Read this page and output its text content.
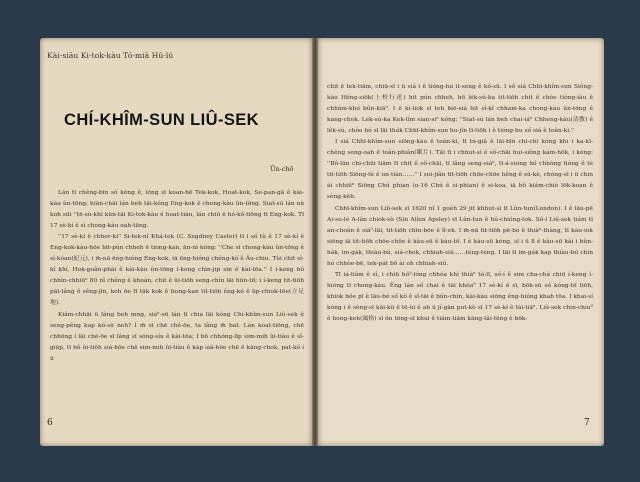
Kài-siāu Ki-tok-kàu Tó-miā Hû-lú
CHÍ-KHÎM-SUN LIÛ-SEK
Ûn-chō

Lán tī chêng-bīn sò͘ kóng ê, lóng sī koan-hē Tek-kok, Hoat-kok, Se-pan-gâ ê kài-kàu ûn-tōng; hiān-chāi lán beh tāi-kóng Eng-kok ê chong-kàu ûn-tōng. Siat-sú lán nā koh sūi ''tē-sù-khì kūn-tāi Ki-tok-kàu ê hoat-tián, lán chiū ē hó-kò͘-tiōng tī Eng-kok. Tī 17 sè-kí ê sì chong-kàu oah-tāng.

''17 sè-kí ê chhor-ki'' Si-tek-nî Khá-tek (C. Segdney Caster) tī i só͘ tù ê 17 sè-kí ê Eng-kok-kàu-hōe hit-pún chheh ê tiong-kan, ān-ni kóng: ''Che sī chong-kàu ûn-tōng ê sî-kóan(紀元), i m̄-nā ēng-hióng Eng-kok, iā ēng-hióng chéng-kò͘ ê Âu-chiu. Tùi chit sî-kî khí, Hok-goân-phài ê kài-kàu ûn-tōng í-keng chìn-jip sin ê kài-tōa.'' I í-keng bô chhìn-chhiūⁿ 80 nî chêng ê khoán, chit ê ûi-tiōh seng-chìn lāi hūn-tō͘; i í-keng tit-tiōh pāt-lâng ê sêng-jīn, koh ōe tī tāk kok ê tiong-kan tit-tiōh êng-kó ê lip-chiok-tōe(立足地).

Kiâm-chhāi ū lâng beh mng, siáⁿ-sū lán tī chia lāi kóng Chí-khîm-sun Liû-sek ê seng-pêng kap kò͘-sū neh? Í m̄ sī chē chê-ōe, ta lâng m̄ bat. Lán koat-tiōng, chē chhōng í lāi chē-ōe sī lâng sī sóng-síu ê kài-tōa; I bô chhóng-līp sim-mih ûi-tiàu ê sî-giāp, tī bô ûi-tiōh siá-hōe chē sim-mih ûi-tiàu ê ka̍p siá-hōe chē ê kāng-chok, pat-kò͘ í ū

chit ê tek-tiām, chiū-sī i ū siá i ê tióng-hu it-seng ê kò͘-sū. I só͘ siá Chhī-khîm-sun Siông-kàu Hêng-siōk(上校行述) hit pún chheh, hō͘ lék-sú-ka tit-tiōh chit ê chòe tióng-iàu ê chhâm-khó bûn-kiāⁿ. I ê kì-liok sī teh biō-siá hit sî-kî chham-ka chong-kàu ûn-tōng ê kang-chok. Lék-sú-ka Kek-lîm sian-siⁿ kóng: ''Siat-sú lán beh chai-iáⁿ Chheng-kàu(清教) ê lêk-sú, chòe hó sī lāi thák Chhī-khîm-sun hu-jîn tī-tiōh i ê tióng-hu só͘ siá ê toân-kì.''

I siá Chhī-khîm-sun siōng-kàu ê toân-kì, tī tn-giâ ê lāi-bīn chi-chi kóng khi i ka-kī-chêng seng-oah ê toân-phiân(斷片). Tāi tī i chhut-sì ê sò͘-chāi hui-siông kám-hōk, i kóng: ''Bô-lūn chi-chūi tiām tī chit ê sò͘-chāi, tī lâng seng-siáⁿ, tī-á-siong hó chhòng tióng ê tè tit-tiōh Siōng-tè ê un-tián……'' I sui-jiân tit-tiōh chōe-chōe hêng ê sù-kè, chóng-sī i ū chin ài chhiūⁿ Siōng Chú phian (o-16 Chú ê si-phian) ê si-koa, iā bô kiám-chió lōk-koan ê sèng-kèh.

Chhī-khîm-sun Liû-sek sī 1620 nî 1 goe̍h 29 jit khhut-sì tī Lûn-tun(London). I ê lāu-pē Ai-su-lé A-lân chiok-sù (Sin Allen Apsley) sī Lûn-tun ê hú-chióng-tok. Sò͘-í Liû-sek tiám tī an-choân ê siá⁰-lāi, tit-tiōh chīn-bōe ê lī-ek. I m̄-nā tit-tiōh pē-bó ê thiàⁿ-thàng, tī kàu-iok siōng iā tit-tiōh chōe-chōe ê kàu-sū ê kàu-tō. I ê kàu-sū kóng, sī i ū 8 ê kàu-sū kài i bûn-hák, im-gák, thiàu-bú, siá-chok, chhiah-siú……téng-téng. I tāi tī im-gák kap thiàu-bú chin hó chhòe-bē, tek-pát bō ài oh chhiah-siú.

Tī iá-liâm ê sî, i chiū hó⁰-lóng chhóa khì thiàⁿ tò-lī, só͘-í ê sim cha-chá chiū í-keng í-hióng tī chong-kàu. Êng lán só͘ chai ê tāi khóa⁰ 17 sè-kí ê sī, bōk-sū só͘ kóng-tō͘ tiōh, khiok bôe pī ê lāu-bó só͘ kò͘ ê sî-tāi ê bûn-chin, kài-kàu siōng êng-hióng khah tōa. I khai-sí kóng i ê sèng-sī kāi-kū ê tē-ùi ê ah ū jí-gān put-kò sī 17 sè-kí ê tāi-tiāⁿ. Liû-sek chin-chiu⁰ ê hong-keh(風格) sī ôn tōng-sī khui ê tiám-tiām kāng-tâi-tēng ê bōk-

6	7
